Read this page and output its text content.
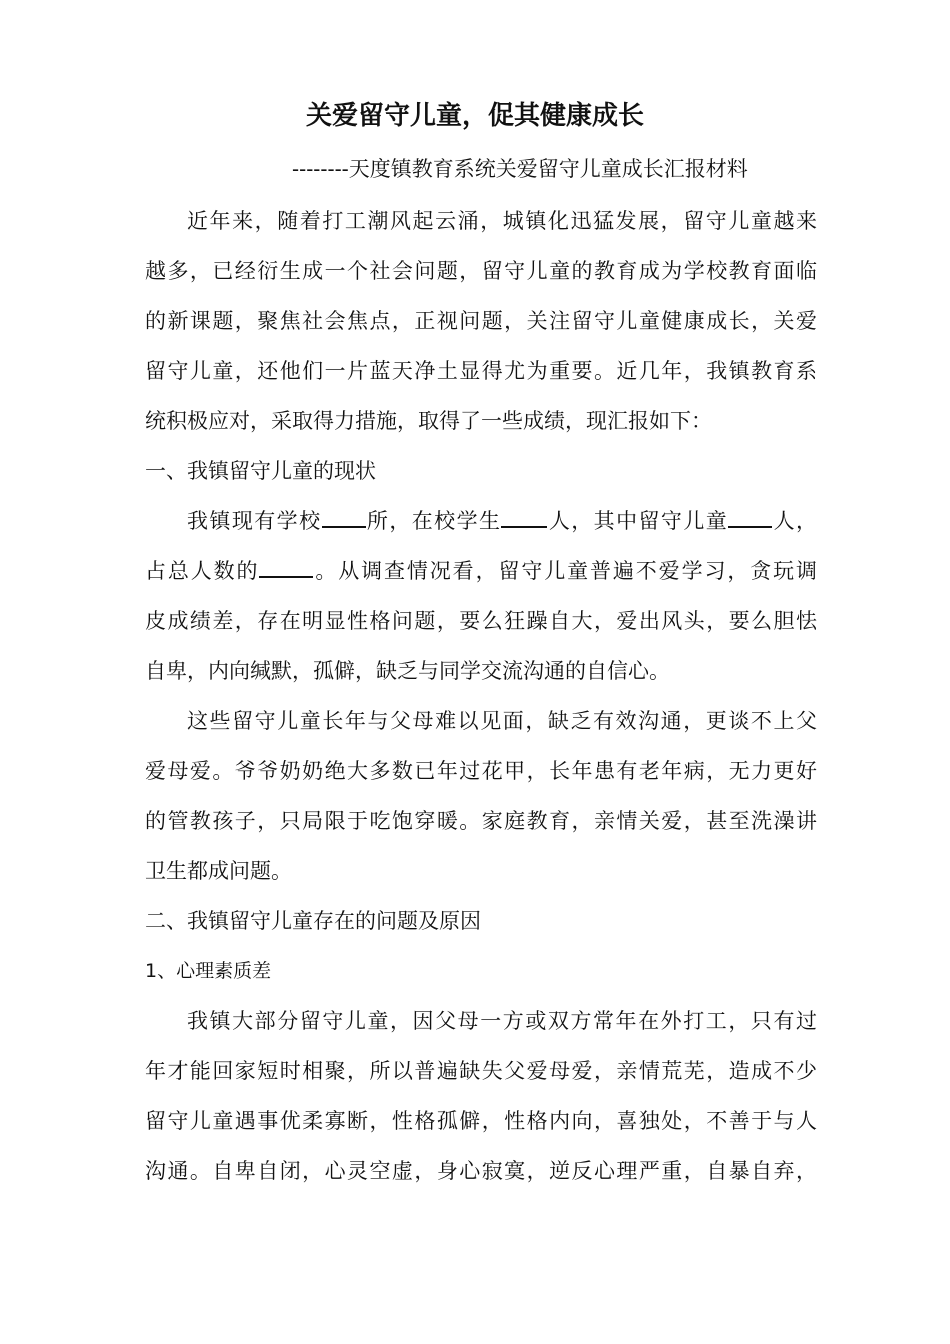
关爱留守儿童，促其健康成长
--------天度镇教育系统关爱留守儿童成长汇报材料
近年来，随着打工潮风起云涌，城镇化迅猛发展，留守儿童越来
越多，已经衍生成一个社会问题，留守儿童的教育成为学校教育面临
的新课题，聚焦社会焦点，正视问题，关注留守儿童健康成长，关爱
留守儿童，还他们一片蓝天净土显得尤为重要。近几年，我镇教育系
统积极应对，采取得力措施，取得了一些成绩，现汇报如下：
一、我镇留守儿童的现状
我镇现有学校 所，在校学生 人，其中留守儿童 人，
占总人数的	。从调查情况看，留守儿童普遍不爱学习，贪玩调
皮成绩差，存在明显性格问题，要么狂躁自大，爱出风头，要么胆怯
自卑，内向缄默，孤僻，缺乏与同学交流沟通的自信心。
这些留守儿童长年与父母难以见面，缺乏有效沟通，更谈不上父
爱母爱。爷爷奶奶绝大多数已年过花甲，长年患有老年病，无力更好
的管教孩子，只局限于吃饱穿暖。家庭教育，亲情关爱，甚至洗澡讲
卫生都成问题。
二、我镇留守儿童存在的问题及原因
1、心理素质差
我镇大部分留守儿童，因父母一方或双方常年在外打工，只有过
年才能回家短时相聚，所以普遍缺失父爱母爱，亲情荒芜，造成不少
留守儿童遇事优柔寡断，性格孤僻，性格内向，喜独处，不善于与人
沟通。自卑自闭，心灵空虚，身心寂寞，逆反心理严重，自暴自弃，
